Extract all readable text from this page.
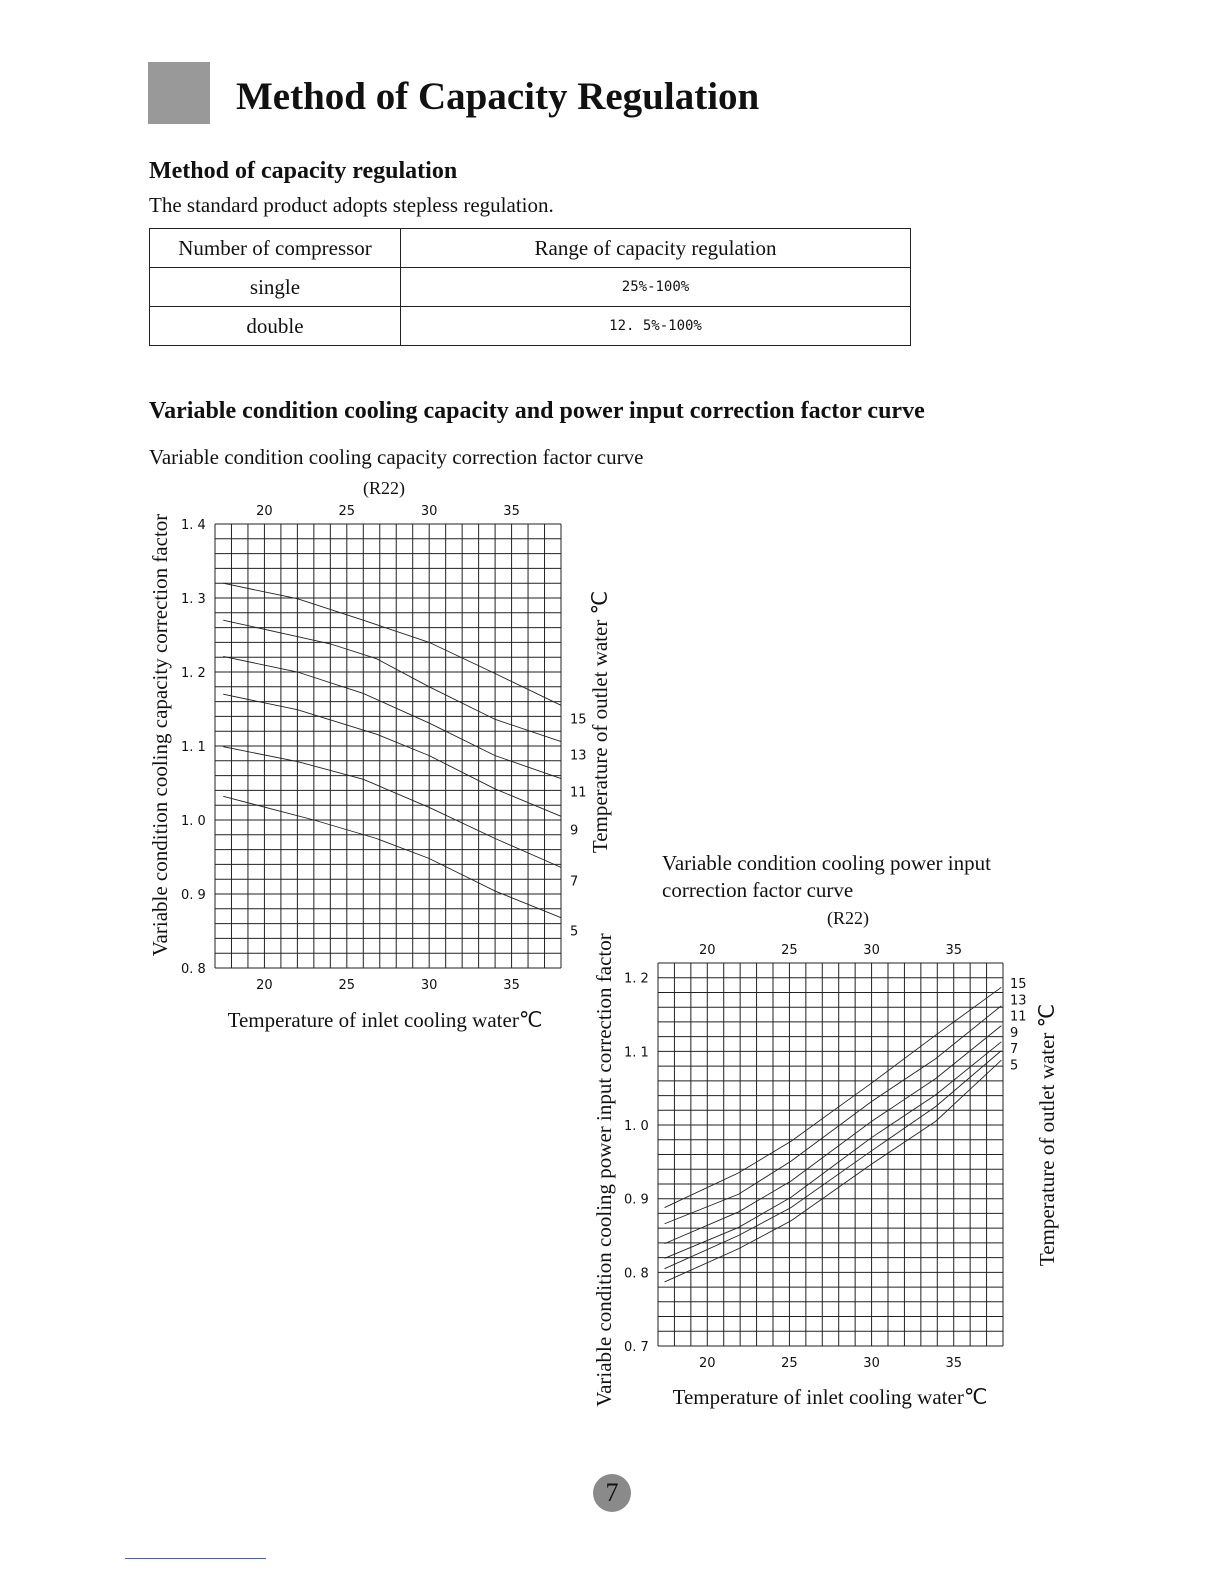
Method of Capacity Regulation
Method of capacity regulation
The standard product adopts stepless regulation.
Number of compressor	Range of capacity regulation
single	25%-100%
double	12. 5%-100%
Variable condition cooling capacity and power input correction factor curve
Variable condition cooling capacity correction factor curve
Variable condition cooling power input
correction factor curve
(R22)
Temperature of inlet cooling water℃
Variable condition cooling capacity correction factor	Temperature of outlet water ℃
20
20
25
25
30
30
35
35
0. 8
0. 9
1. 0
1. 1
1. 2
1. 3
1. 4
15
13
11
9
7
5
(R22)
Temperature of inlet cooling water℃
Variable condition cooling power input correction factor	Temperature of outlet water ℃
20
20
25
25
30
30
35
35
0. 7
0. 8
0. 9
1. 0
1. 1
1. 2	15
13
11
9
7
5
7
